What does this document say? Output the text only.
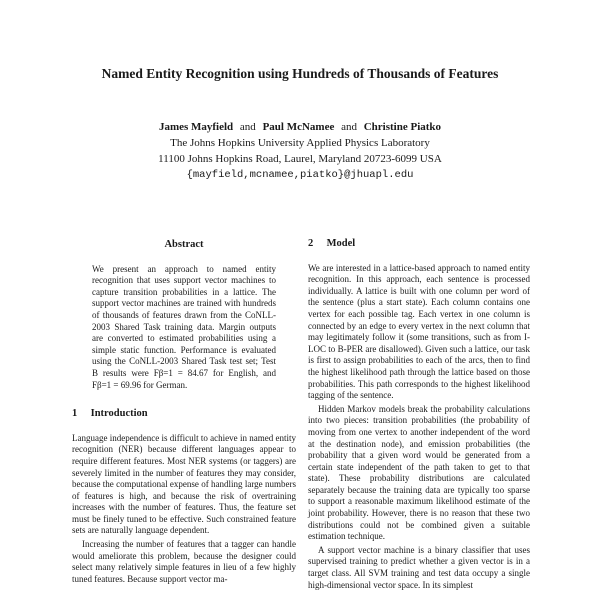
Named Entity Recognition using Hundreds of Thousands of Features
James Mayfield and Paul McNamee and Christine Piatko
The Johns Hopkins University Applied Physics Laboratory
11100 Johns Hopkins Road, Laurel, Maryland 20723-6099 USA
{mayfield,mcnamee,piatko}@jhuapl.edu
Abstract
We present an approach to named entity recognition that uses support vector machines to capture transition probabilities in a lattice. The support vector machines are trained with hundreds of thousands of features drawn from the CoNLL-2003 Shared Task training data. Margin outputs are converted to estimated probabilities using a simple static function. Performance is evaluated using the CoNLL-2003 Shared Task test set; Test B results were Fβ=1 = 84.67 for English, and Fβ=1 = 69.96 for German.
1 Introduction

Language independence is difficult to achieve in named entity recognition (NER) because different languages appear to require different features. Most NER systems (or taggers) are severely limited in the number of features they may consider, because the computational expense of handling large numbers of features is high, and because the risk of overtraining increases with the number of features. Thus, the feature set must be finely tuned to be effective. Such constrained feature sets are naturally language dependent.

Increasing the number of features that a tagger can handle would ameliorate this problem, because the designer could select many relatively simple features in lieu of a few highly tuned features. Because support vector ma-

2 Model

We are interested in a lattice-based approach to named entity recognition. In this approach, each sentence is processed individually. A lattice is built with one column per word of the sentence (plus a start state). Each column contains one vertex for each possible tag. Each vertex in one column is connected by an edge to every vertex in the next column that may legitimately follow it (some transitions, such as from I-LOC to B-PER are disallowed). Given such a lattice, our task is first to assign probabilities to each of the arcs, then to find the highest likelihood path through the lattice based on those probabilities. This path corresponds to the highest likelihood tagging of the sentence.

Hidden Markov models break the probability calculations into two pieces: transition probabilities (the probability of moving from one vertex to another independent of the word at the destination node), and emission probabilities (the probability that a given word would be generated from a certain state independent of the path taken to get to that state). These probability distributions are calculated separately because the training data are typically too sparse to support a reasonable maximum likelihood estimate of the joint probability. However, there is no reason that these two distributions could not be combined given a suitable estimation technique.

A support vector machine is a binary classifier that uses supervised training to predict whether a given vector is in a target class. All SVM training and test data occupy a single high-dimensional vector space. In its simplest
